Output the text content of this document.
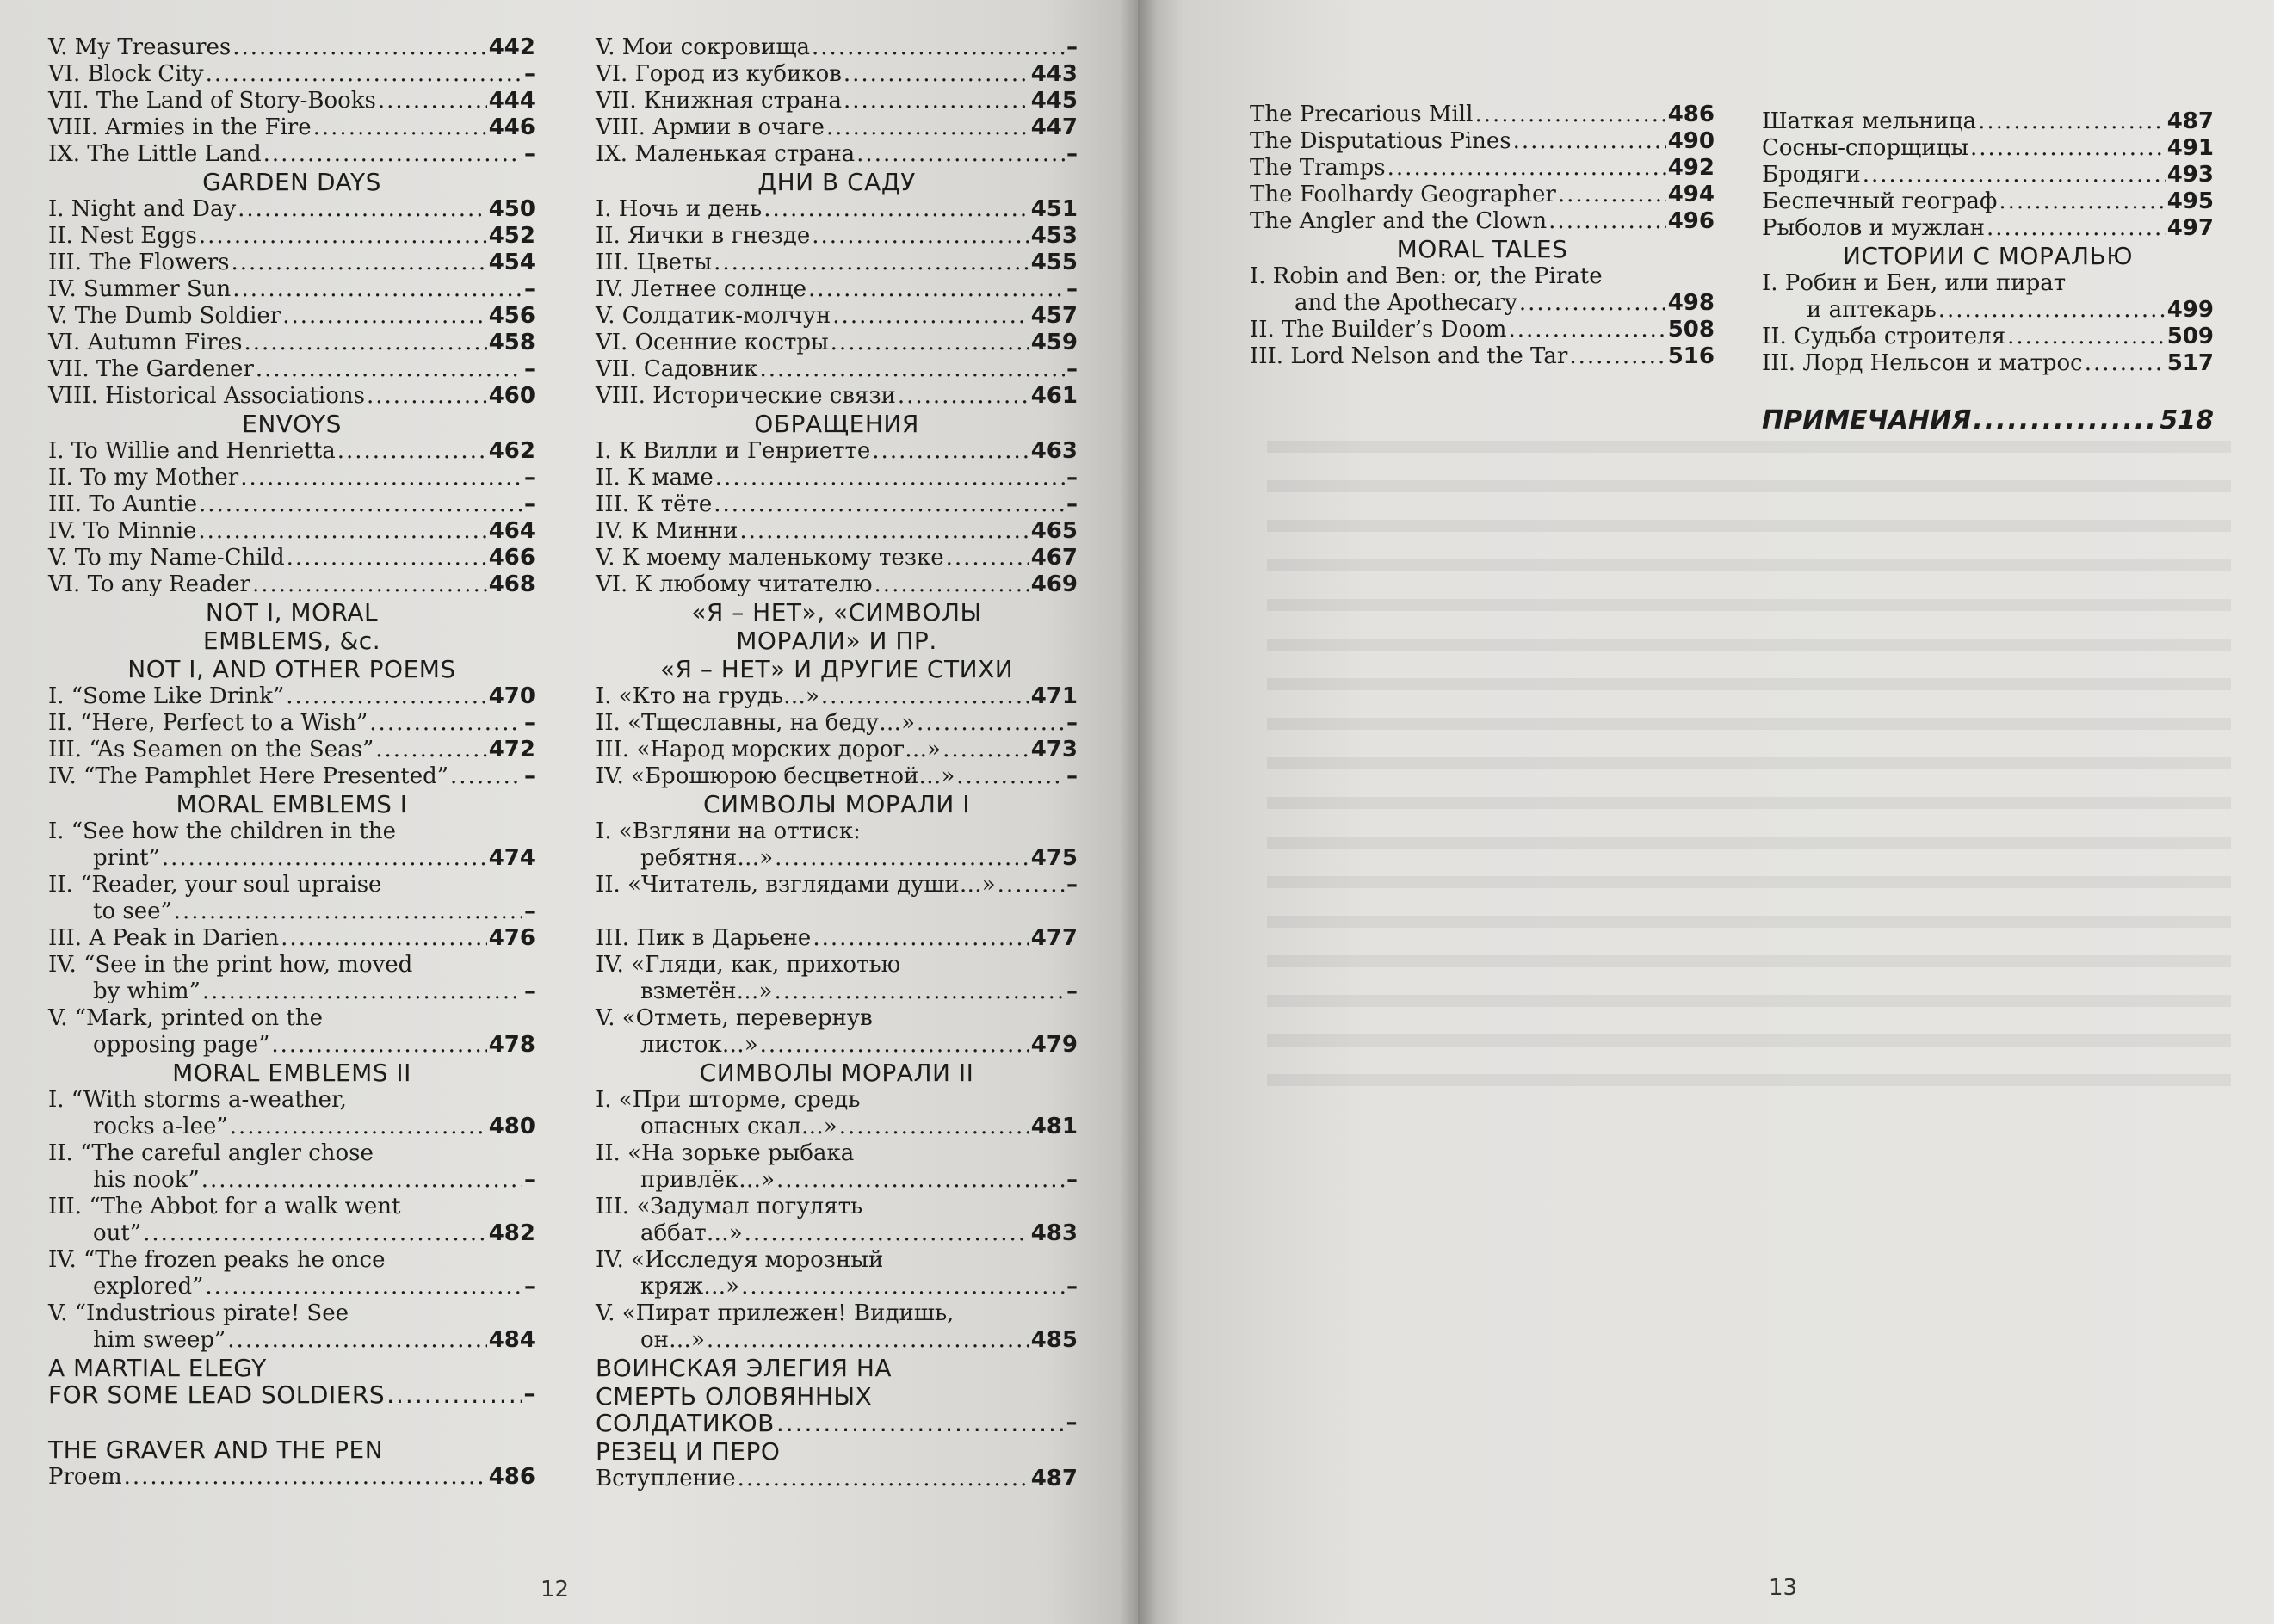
V. My Treasures .....	442
VI. Block City .....	–
VII. The Land of Story-Books .....	444
VIII. Armies in the Fire .....	446
IX. The Little Land .....	–
GARDEN DAYS
I. Night and Day .....	450
II. Nest Eggs .....	452
III. The Flowers .....	454
IV. Summer Sun .....	–
V. The Dumb Soldier .....	456
VI. Autumn Fires .....	458
VII. The Gardener .....	–
VIII. Historical Associations .....	460
ENVOYS
I. To Willie and Henrietta .....	462
II. To my Mother .....	–
III. To Auntie .....	–
IV. To Minnie .....	464
V. To my Name-Child .....	466
VI. To any Reader .....	468
NOT I, MORAL
EMBLEMS, &c.
NOT I, AND OTHER POEMS
I. “Some Like Drink” .....	470
II. “Here, Perfect to a Wish” .....	–
III. “As Seamen on the Seas” .....	472
IV. “The Pamphlet Here Presented” .....	–
MORAL EMBLEMS I
I. “See how the children in the
print” .....	474
II. “Reader, your soul upraise
to see” .....	–
III. A Peak in Darien .....	476
IV. “See in the print how, moved
by whim” .....	–
V. “Mark, printed on the
opposing page” .....	478
MORAL EMBLEMS II
I. “With storms a-weather,
rocks a-lee” .....	480
II. “The careful angler chose
his nook” .....	–
III. “The Abbot for a walk went
out” .....	482
IV. “The frozen peaks he once
explored” .....	–
V. “Industrious pirate! See
him sweep” .....	484
A MARTIAL ELEGY
FOR SOME LEAD SOLDIERS .....	–
THE GRAVER AND THE PEN
Proem .....	486
V. Мои сокровища .....	–
VI. Город из кубиков .....	443
VII. Книжная страна .....	445
VIII. Армии в очаге .....	447
IX. Маленькая страна .....	–
ДНИ В САДУ
I. Ночь и день .....	451
II. Яички в гнезде .....	453
III. Цветы .....	455
IV. Летнее солнце .....	–
V. Солдатик-молчун .....	457
VI. Осенние костры .....	459
VII. Садовник .....	–
VIII. Исторические связи .....	461
ОБРАЩЕНИЯ
I. К Вилли и Генриетте .....	463
II. К маме .....	–
III. К тёте .....	–
IV. К Минни .....	465
V. К моему маленькому тезке .....	467
VI. К любому читателю .....	469
«Я – НЕТ», «СИМВОЛЫ
МОРАЛИ» И ПР.
«Я – НЕТ» И ДРУГИЕ СТИХИ
I. «Кто на грудь…» .....	471
II. «Тщеславны, на беду…» .....	–
III. «Народ морских дорог…» .....	473
IV. «Брошюрою бесцветной…» .....	–
СИМВОЛЫ МОРАЛИ I
I. «Взгляни на оттиск:
ребятня…» .....	475
II. «Читатель, взглядами души…» .....	–
III. Пик в Дарьене .....	477
IV. «Гляди, как, прихотью
взметён…» .....	–
V. «Отметь, перевернув
листок…» .....	479
СИМВОЛЫ МОРАЛИ II
I. «При шторме, средь
опасных скал…» .....	481
II. «На зорьке рыбака
привлёк…» .....	–
III. «Задумал погулять
аббат…» .....	483
IV. «Исследуя морозный
кряж…» .....	–
V. «Пират прилежен! Видишь,
он…» .....	485
ВОИНСКАЯ ЭЛЕГИЯ НА
СМЕРТЬ ОЛОВЯННЫХ
СОЛДАТИКОВ .....	–
РЕЗЕЦ И ПЕРО
Вступление .....	487
12
The Precarious Mill .....	486
The Disputatious Pines .....	490
The Tramps .....	492
The Foolhardy Geographer .....	494
The Angler and the Clown .....	496
MORAL TALES
I. Robin and Ben: or, the Pirate
and the Apothecary .....	498
II. The Builder’s Doom .....	508
III. Lord Nelson and the Tar .....	516
Шаткая мельница .....	487
Сосны-спорщицы .....	491
Бродяги .....	493
Беспечный географ .....	495
Рыболов и мужлан .....	497
ИСТОРИИ С МОРАЛЬЮ
I. Робин и Бен, или пират
и аптекарь .....	499
II. Судьба строителя .....	509
III. Лорд Нельсон и матрос .....	517
ПРИМЕЧАНИЯ .....	518
13
